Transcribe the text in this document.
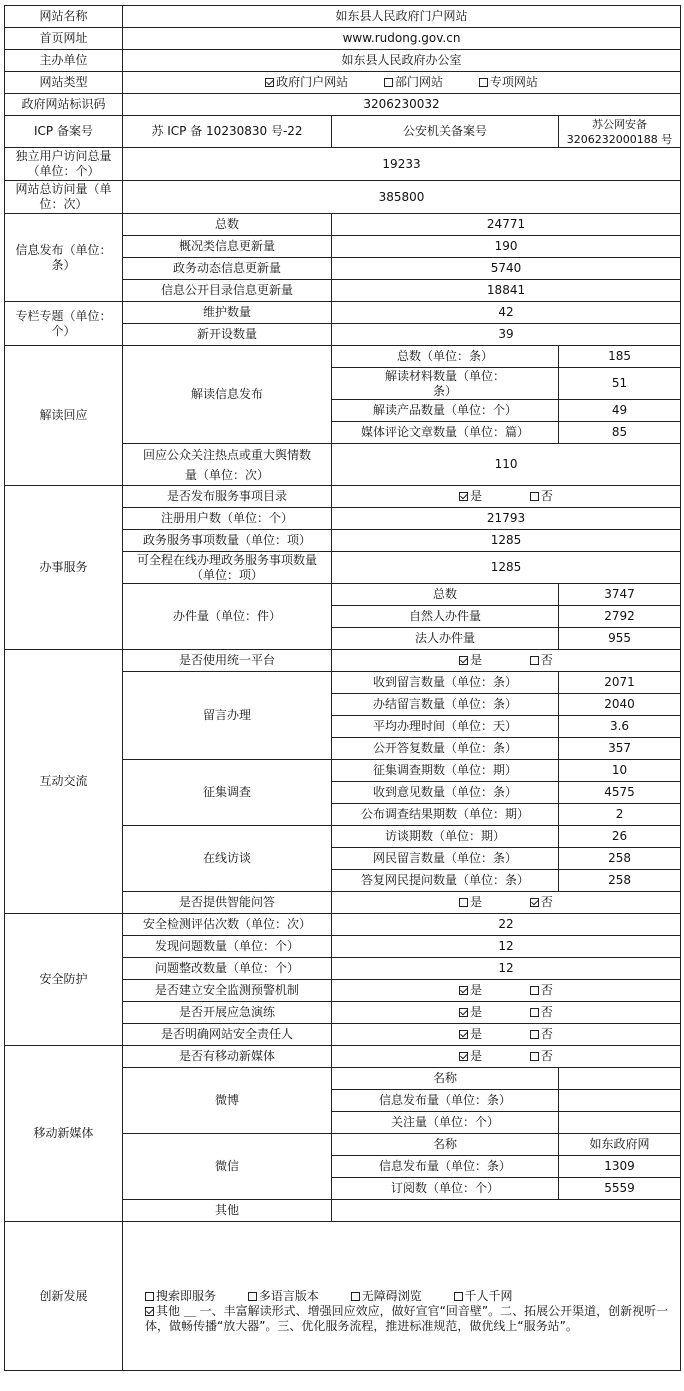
网站名称	如东县人民政府门户网站		
首页网址	www.rudong.gov.cn		
主办单位	如东县人民政府办公室		
网站类型	政府门户网站 部门网站 专项网站		
政府网站标识码	3206230032		
ICP 备案号	苏 ICP 备 10230830 号-22	公安机关备案号	苏公网安备 3206232000188 号
独立用户访问总量（单位：个）	19233		
网站总访问量（单位：次）	385800		
信息发布（单位：条）	总数	24771	
	概况类信息更新量	190	
	政务动态信息更新量	5740	
	信息公开目录信息更新量	18841	
专栏专题（单位：个）	维护数量	42	
	新开设数量	39	
解读回应	解读信息发布	总数（单位：条）	185
		解读材料数量（单位：条）	51
		解读产品数量（单位：个）	49
		媒体评论文章数量（单位：篇）	85
	回应公众关注热点或重大舆情数量（单位：次）	110	
办事服务	是否发布服务事项目录	是 否	
	注册用户数（单位：个）	21793	
	政务服务事项数量（单位：项）	1285	
	可全程在线办理政务服务事项数量（单位：项）	1285	
	办件量（单位：件）	总数	3747
		自然人办件量	2792
		法人办件量	955
互动交流	是否使用统一平台	是 否	
	留言办理	收到留言数量（单位：条）	2071
		办结留言数量（单位：条）	2040
		平均办理时间（单位：天）	3.6
		公开答复数量（单位：条）	357
	征集调查	征集调查期数（单位：期）	10
		收到意见数量（单位：条）	4575
		公布调查结果期数（单位：期）	2
	在线访谈	访谈期数（单位：期）	26
		网民留言数量（单位：条）	258
		答复网民提问数量（单位：条）	258
	是否提供智能问答	是 否	
安全防护	安全检测评估次数（单位：次）	22	
	发现问题数量（单位：个）	12	
	问题整改数量（单位：个）	12	
	是否建立安全监测预警机制	是 否	
	是否开展应急演练	是 否	
	是否明确网站安全责任人	是 否	
移动新媒体	是否有移动新媒体	是 否	
	微博	名称	
		信息发布量（单位：条）	
		关注量（单位：个）	
	微信	名称	如东政府网
		信息发布量（单位：条）	1309
		订阅数（单位：个）	5559
	其他		
创新发展	搜索即服务 多语言版本 无障碍浏览 千人千网
其他 ＿ 一、丰富解读形式、增强回应效应，做好宣官“回音壁”。二、拓展公开渠道，创新视听一体，做畅传播“放大器”。三、优化服务流程，推进标准规范，做优线上“服务站”。		
